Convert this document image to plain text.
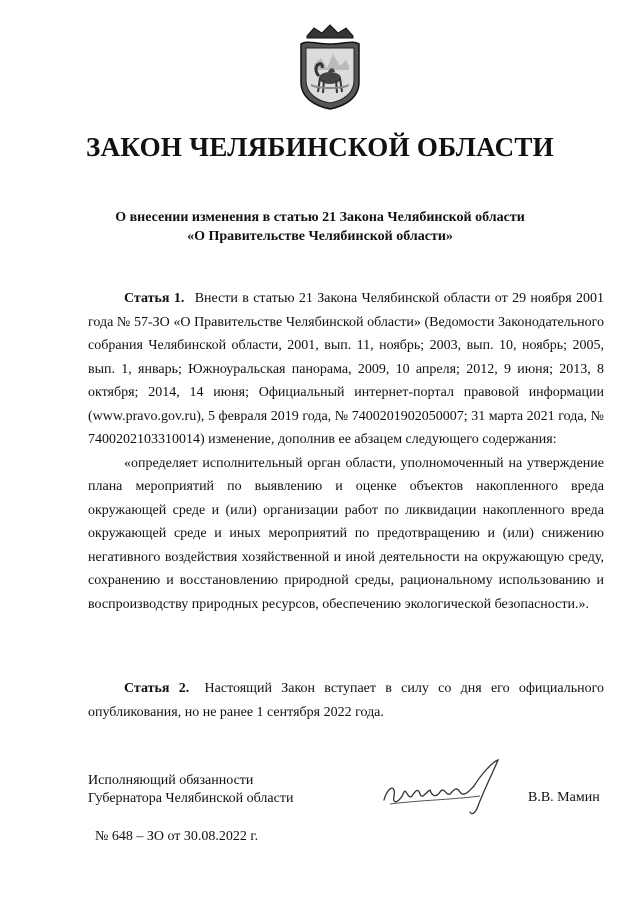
ЗАКОН ЧЕЛЯБИНСКОЙ ОБЛАСТИ
О внесении изменения в статью 21 Закона Челябинской области
«О Правительстве Челябинской области»

Статья 1. Внести в статью 21 Закона Челябинской области от 29 ноября 2001 года № 57-ЗО «О Правительстве Челябинской области» (Ведомости Законодательного собрания Челябинской области, 2001, вып. 11, ноябрь; 2003, вып. 10, ноябрь; 2005, вып. 1, январь; Южноуральская панорама, 2009, 10 апреля; 2012, 9 июня; 2013, 8 октября; 2014, 14 июня; Официальный интернет-портал правовой информации (www.pravo.gov.ru), 5 февраля 2019 года, № 7400201902050007; 31 марта 2021 года, № 7400202103310014) изменение, дополнив ее абзацем следующего содержания:

«определяет исполнительный орган области, уполномоченный на утверждение плана мероприятий по выявлению и оценке объектов накопленного вреда окружающей среде и (или) организации работ по ликвидации накопленного вреда окружающей среде и иных мероприятий по предотвращению и (или) снижению негативного воздействия хозяйственной и иной деятельности на окружающую среду, сохранению и восстановлению природной среды, рациональному использованию и воспроизводству природных ресурсов, обеспечению экологической безопасности.».

Статья 2. Настоящий Закон вступает в силу со дня его официального опубликования, но не ранее 1 сентября 2022 года.

Исполняющий обязанности
Губернатора Челябинской области	В.В. Мамин
№ 648 – ЗО от 30.08.2022 г.
